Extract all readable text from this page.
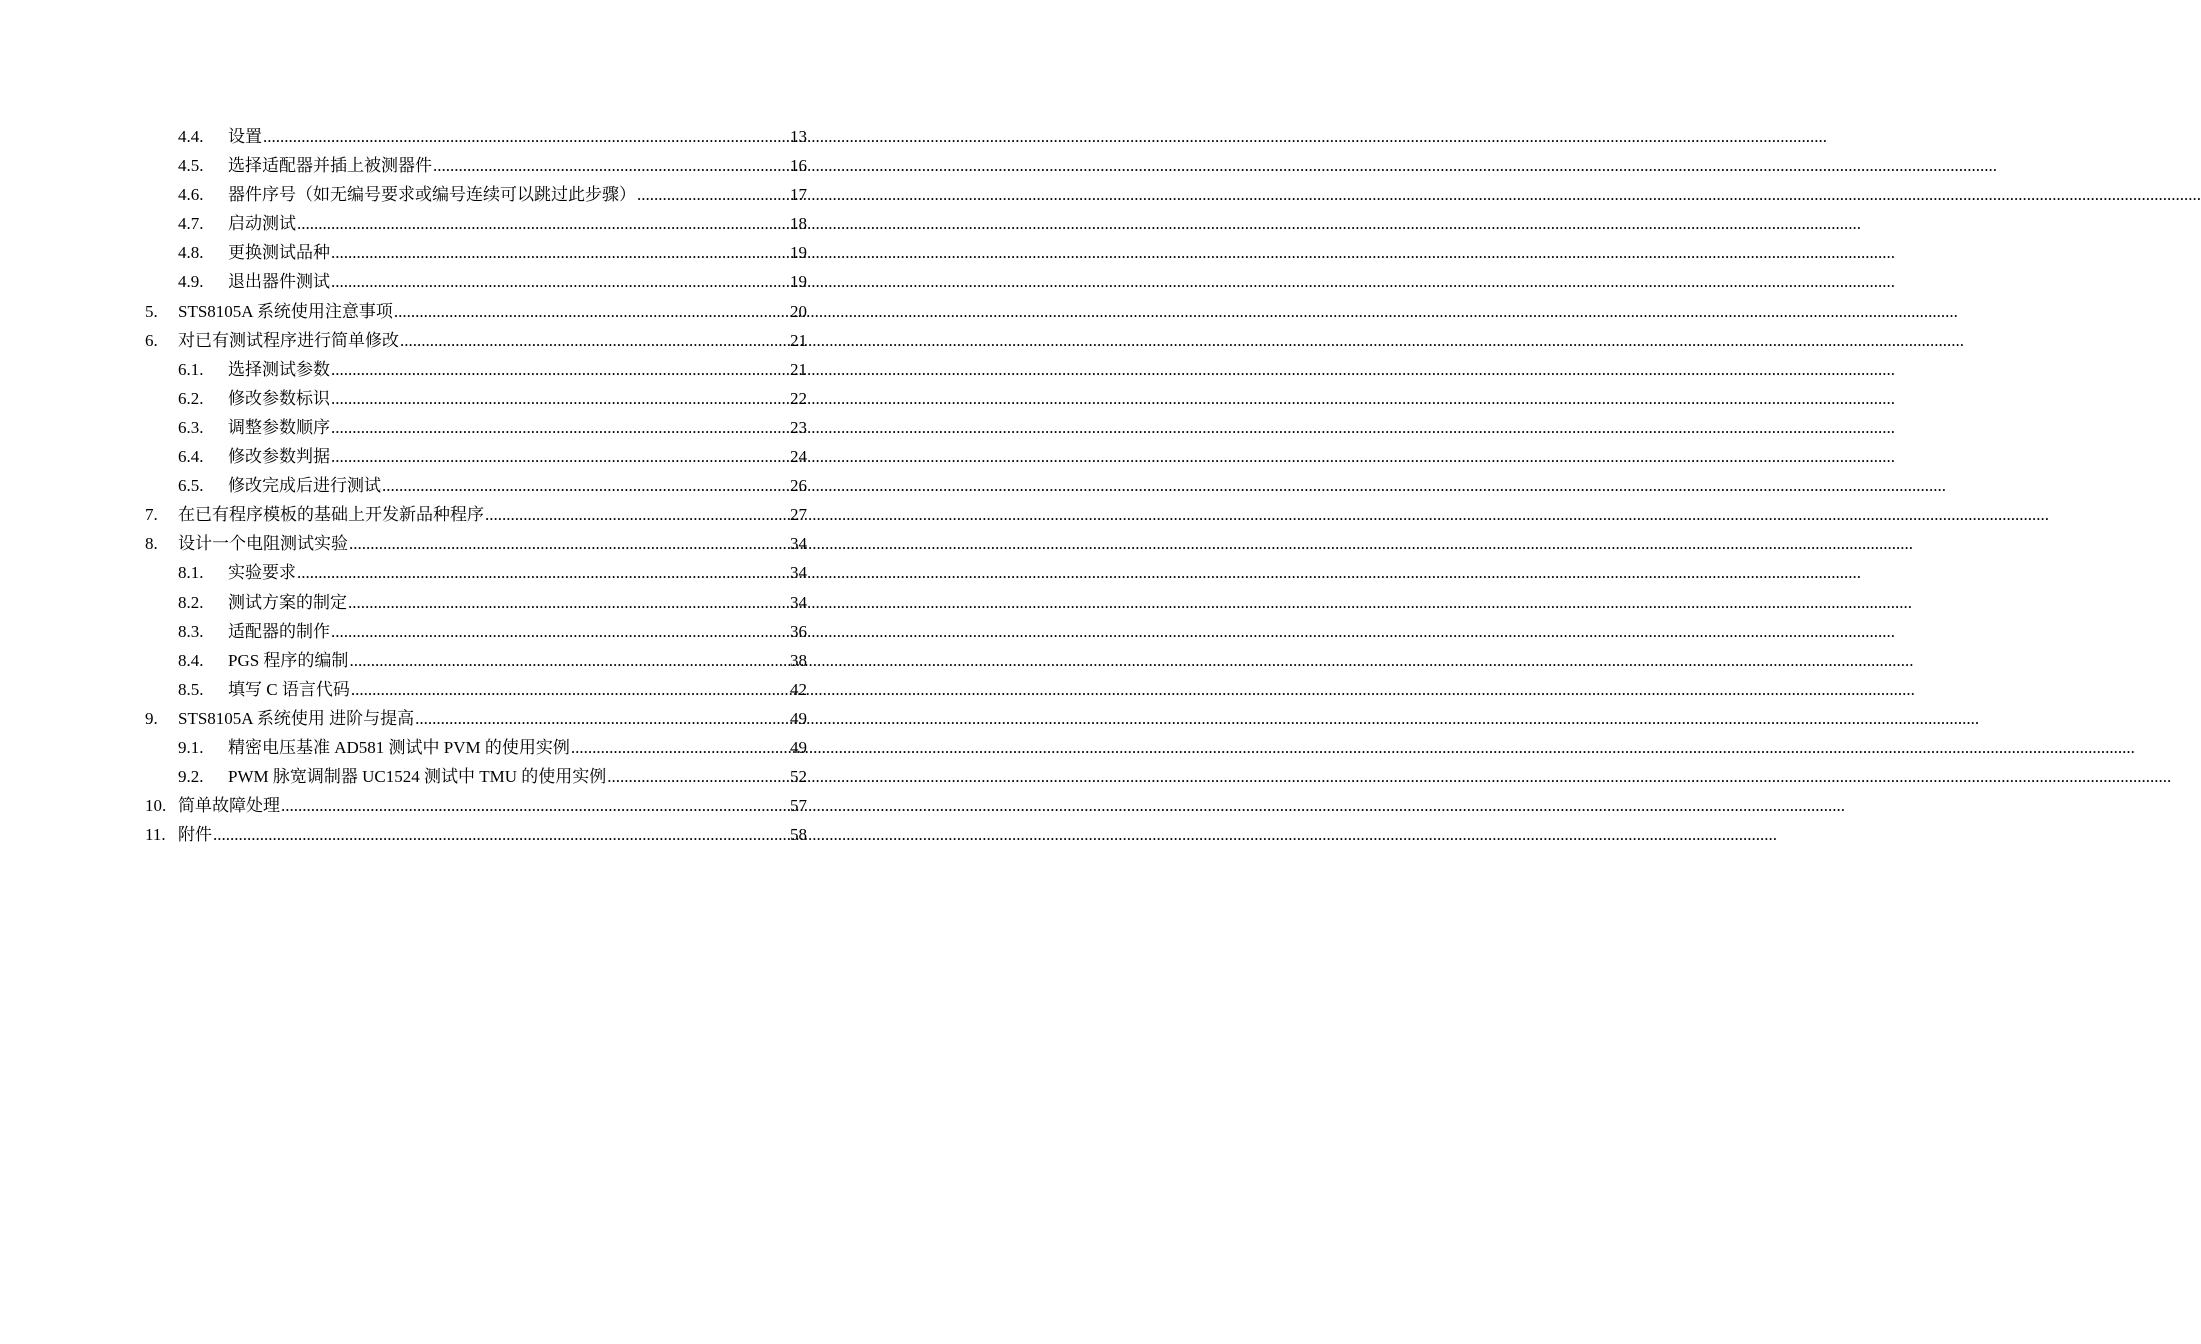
4.4.	设置 .....	13
4.5.	选择适配器并插上被测器件 .....	16
4.6.	器件序号（如无编号要求或编号连续可以跳过此步骤） .....	17
4.7.	启动测试 .....	18
4.8.	更换测试品种 .....	19
4.9.	退出器件测试 .....	19
5.	STS8105A 系统使用注意事项 .....	20
6.	对已有测试程序进行简单修改 .....	21
6.1.	选择测试参数 .....	21
6.2.	修改参数标识 .....	22
6.3.	调整参数顺序 .....	23
6.4.	修改参数判据 .....	24
6.5.	修改完成后进行测试 .....	26
7.	在已有程序模板的基础上开发新品种程序 .....	27
8.	设计一个电阻测试实验 .....	34
8.1.	实验要求 .....	34
8.2.	测试方案的制定 .....	34
8.3.	适配器的制作 .....	36
8.4.	PGS 程序的编制 .....	38
8.5.	填写 C 语言代码 .....	42
9.	STS8105A 系统使用 进阶与提高 .....	49
9.1.	精密电压基准 AD581 测试中 PVM 的使用实例 .....	49
9.2.	PWM 脉宽调制器 UC1524 测试中 TMU 的使用实例 .....	52
10. 简单故障处理 .....	57
11. 附件 .....	58
